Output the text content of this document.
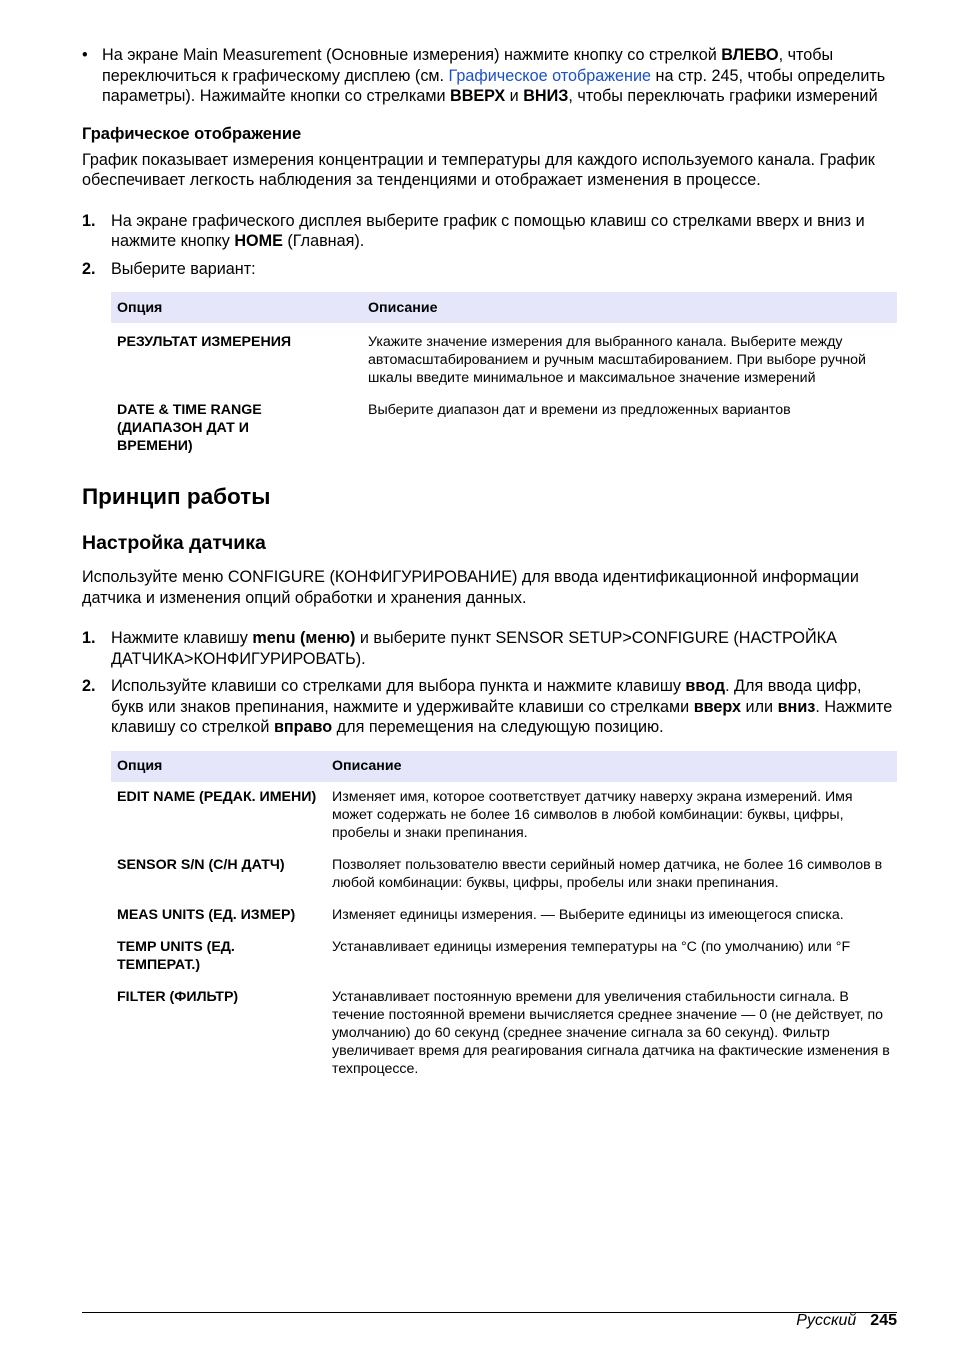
• На экране Main Measurement (Основные измерения) нажмите кнопку со стрелкой ВЛЕВО, чтобы переключиться к графическому дисплею (см. Графическое отображение на стр. 245, чтобы определить параметры). Нажимайте кнопки со стрелками ВВЕРХ и ВНИЗ, чтобы переключать графики измерений

Графическое отображение

График показывает измерения концентрации и температуры для каждого используемого канала. График обеспечивает легкость наблюдения за тенденциями и отображает изменения в процессе.

1. На экране графического дисплея выберите график с помощью клавиш со стрелками вверх и вниз и нажмите кнопку HOME (Главная).

2. Выберите вариант:

Опция	Описание
РЕЗУЛЬТАТ ИЗМЕРЕНИЯ	Укажите значение измерения для выбранного канала. Выберите между автомасштабированием и ручным масштабированием. При выборе ручной шкалы введите минимальное и максимальное значение измерений
DATE & TIME RANGE (ДИАПАЗОН ДАТ И ВРЕМЕНИ)	Выберите диапазон дат и времени из предложенных вариантов
Принцип работы
Настройка датчика

Используйте меню CONFIGURE (КОНФИГУРИРОВАНИЕ) для ввода идентификационной информации датчика и изменения опций обработки и хранения данных.

1. Нажмите клавишу menu (меню) и выберите пункт SENSOR SETUP>CONFIGURE (НАСТРОЙКА ДАТЧИКА>КОНФИГУРИРОВАТЬ).

2. Используйте клавиши со стрелками для выбора пункта и нажмите клавишу ввод. Для ввода цифр, букв или знаков препинания, нажмите и удерживайте клавиши со стрелками вверх или вниз. Нажмите клавишу со стрелкой вправо для перемещения на следующую позицию.

Опция	Описание
EDIT NAME (РЕДАК. ИМЕНИ)	Изменяет имя, которое соответствует датчику наверху экрана измерений. Имя может содержать не более 16 символов в любой комбинации: буквы, цифры, пробелы и знаки препинания.
SENSOR S/N (С/Н ДАТЧ)	Позволяет пользователю ввести серийный номер датчика, не более 16 символов в любой комбинации: буквы, цифры, пробелы или знаки препинания.
MEAS UNITS (ЕД. ИЗМЕР)	Изменяет единицы измерения. — Выберите единицы из имеющегося списка.
TEMP UNITS (ЕД. ТЕМПЕРАТ.)	Устанавливает единицы измерения температуры на °C (по умолчанию) или °F
FILTER (ФИЛЬТР)	Устанавливает постоянную времени для увеличения стабильности сигнала. В течение постоянной времени вычисляется среднее значение — 0 (не действует, по умолчанию) до 60 секунд (среднее значение сигнала за 60 секунд). Фильтр увеличивает время для реагирования сигнала датчика на фактические изменения в техпроцессе.
Русский 245
